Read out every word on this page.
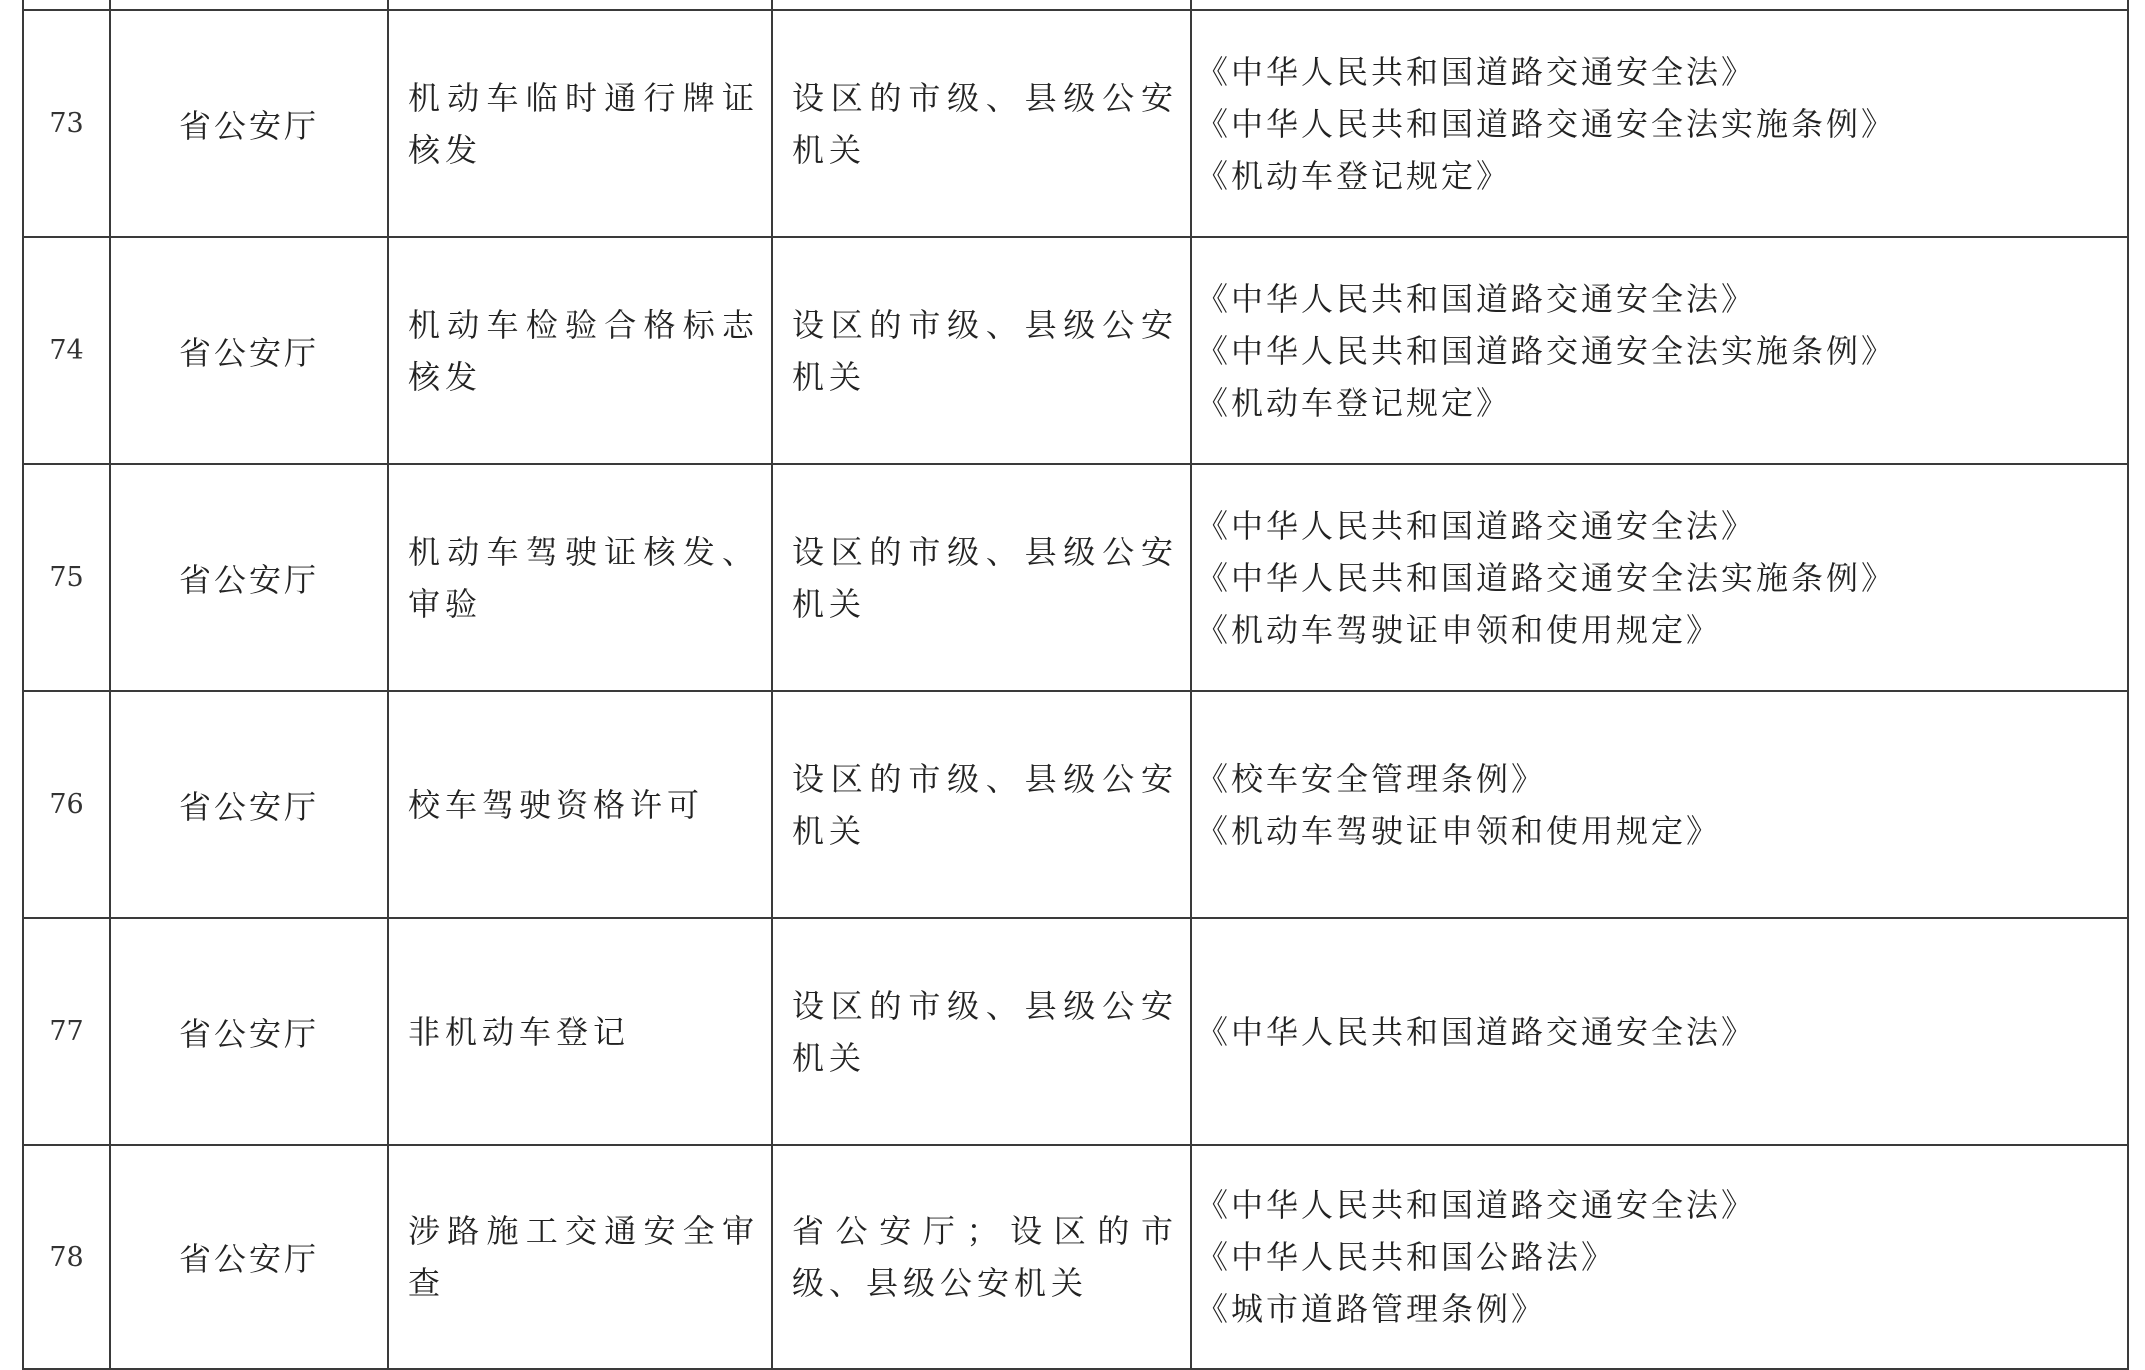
73	省公安厅	机动车临时通行牌证核发	设区的市级、县级公安机关	《中华人民共和国道路交通安全法》
《中华人民共和国道路交通安全法实施条例》
《机动车登记规定》

74	省公安厅	机动车检验合格标志核发	设区的市级、县级公安机关	《中华人民共和国道路交通安全法》
《中华人民共和国道路交通安全法实施条例》
《机动车登记规定》

75	省公安厅	机动车驾驶证核发、审验	设区的市级、县级公安机关	《中华人民共和国道路交通安全法》
《中华人民共和国道路交通安全法实施条例》
《机动车驾驶证申领和使用规定》

76	省公安厅	校车驾驶资格许可	设区的市级、县级公安机关	《校车安全管理条例》
《机动车驾驶证申领和使用规定》

77	省公安厅	非机动车登记	设区的市级、县级公安机关	《中华人民共和国道路交通安全法》

78	省公安厅	涉路施工交通安全审查	省公安厅；设区的市级、县级公安机关	《中华人民共和国道路交通安全法》
《中华人民共和国公路法》
《城市道路管理条例》
